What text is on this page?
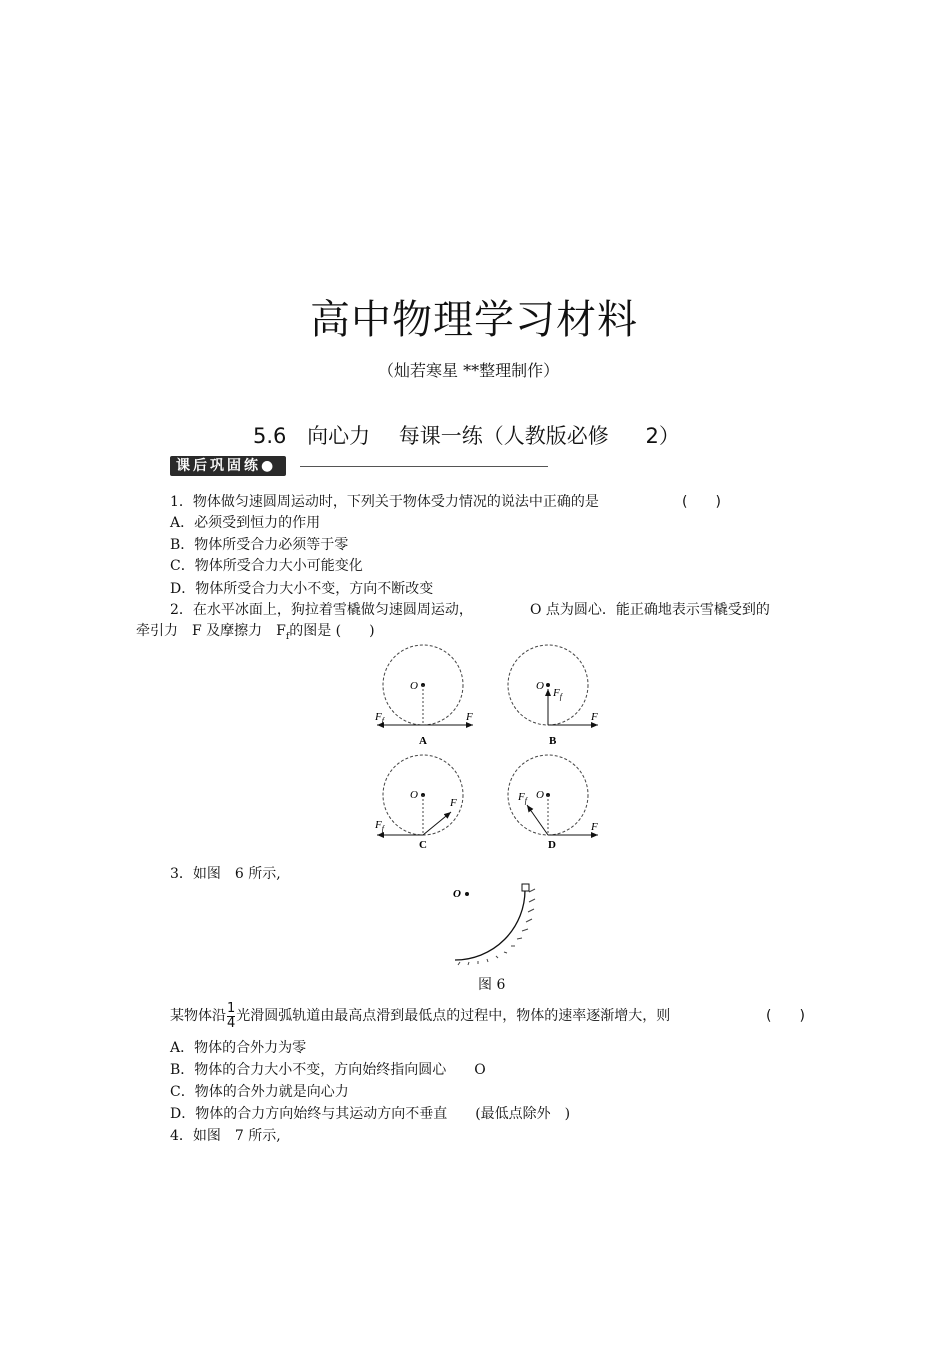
高中物理学习材料
（灿若寒星 **整理制作）
5.6 向心力 每课一练（人教版必修 2）
课后巩固练●
1．物体做匀速圆周运动时，下列关于物体受力情况的说法中正确的是	(　　)
A．必须受到恒力的作用
B．物体所受合力必须等于零
C．物体所受合力大小可能变化
D．物体所受合力大小不变，方向不断改变
2．在水平冰面上，狗拉着雪橇做匀速圆周运动，	O 点为圆心．能正确地表示雪橇受到的
牵引力　F 及摩擦力　$F_f$的图是 (　　)
O
$F_f$	F
A
O
$F_f$
F
B
O
$F_f$
F
C
O
$F_f$
F
D
3．如图　6 所示,
O
图 6
某物体沿 $\frac{1}{4}$ 光滑圆弧轨道由最高点滑到最低点的过程中，物体的速率逐渐增大，则	(　　)
A．物体的合外力为零
B．物体的合力大小不变，方向始终指向圆心　　O
C．物体的合外力就是向心力
D．物体的合力方向始终与其运动方向不垂直　　(最低点除外　)
4．如图　7 所示,
